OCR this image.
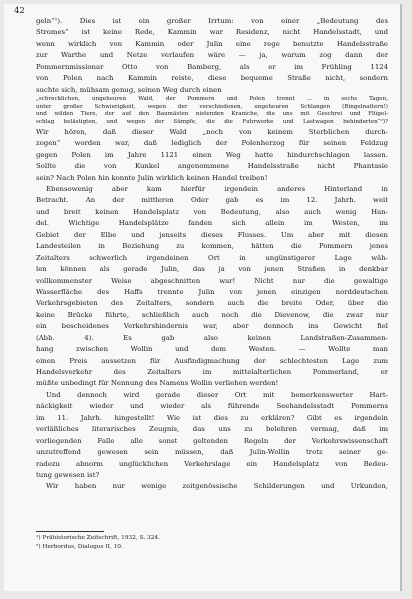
42
geln“¹). Dies ist ein großer Irrtum: von einer „Bedeutung des
Stromes“ ist keine Rede, Kammin war Residenz, nicht Handelsstadt, und
wenn wirklich von Kammin oder Julin eine rege benutzte Handelsstraße
zur Warthe und Netze verlaufen wäre — ja, warum zog dann der
Pommernmissionar Otto von Bamberg, als er im Frühling 1124
von Polen nach Kammin reiste, diese bequeme Straße nicht, sondern
suchte sich, mühsam genug, seinen Weg durch einen
„schrecklichen, ungeheuren Wald, der Pommern und Polen trennt ... in sechs Tagen,
unter großer Schwierigkeit, wegen der verschiedenen, ungeheuren Schlangen (Ringelnattern!)
und wilden Tiere, der auf den Baumästen nistenden Kraniche, die uns mit Geschrei und Flügel-
schlag belästigten, und wegen der Sümpfe, die die Fuhrwerke und Lastwagen behinderten“²)?
Wir hören, daß dieser Wald „noch von keinem Sterblichen durch-
zogen“ worden war, daß lediglich der Polenherzog für seinen Feldzug
gegen Polen im Jahre 1121 einen Weg hatte hindurchschlagen lassen.
Sollte die von Kunkel angenommene Handelsstraße nicht Phantasie
sein? Nach Polen hin konnte Julin wirklich keinen Handel treiben!
Ebensowenig aber kam hierfür irgendein anderes Hinterland in
Betracht. An der mittleren Oder gab es im 12. Jahrh. weit
und breit keinen Handelsplatz von Bedeutung, also auch wenig Han-
del. Wichtige Handelsplätze fanden sich allein im Westen, im
Gebiet der Elbe und jenseits dieses Flusses. Um aber mit diesen
Landesteilen in Beziehung zu kommen, hätten die Pommern jenes
Zeitalters schwerlich irgendeinen Ort in ungünstigerer Lage wäh-
len können als gerade Julin, das ja von jenen Straßen in denkbar
vollkommenster Weise abgeschnitten war! Nicht nur die gewaltige
Wasserfläche des Haffs trennte Julin von jenen einzigen norddeutschen
Verkehrsgebieten des Zeitalters, sondern auch die breite Oder, über die
keine Brücke führte, schließlich auch noch die Dievenow, die zwar nur
ein bescheidenes Verkehrshindernis war, aber dennoch ins Gewicht fiel
(Abb. 4). Es gab also keinen Landstraßen-Zusammen-
hang zwischen Wollin und dem Westen. — Wollte man
einen Preis aussetzen für Ausfindigmachung der schlechtesten Lage zum
Handelsverkehr des Zeitalters im mittelalterlichen Pommerland, er
müßte unbedingt für Nennung des Namens Wollin verliehen werden!
Und dennoch wird gerade dieser Ort mit bemerkenswerter Hart-
näckigkeit wieder und wieder als führende Seehandelsstadt Pommerns
im 11. Jahrh. hingestellt! Wie ist dies zu erklären? Gibt es irgendein
verläßliches literarisches Zeugnis, das uns zu belehren vermag, daß im
vorliegenden Falle alle sonst geltenden Regeln der Verkehrswissenschaft
unzutreffend gewesen sein müssen, daß Julin-Wollin trotz seiner ge-
radezu abnorm unglücklichen Verkehrslage ein Handelsplatz von Bedeu-
tung gewesen ist?
Wir haben nur wenige zeitgenössische Schilderungen und Urkunden,
¹) Prähistorische Zeitschrift, 1932, S. 324.
²) Herbordus, Dialogus II, 10.
